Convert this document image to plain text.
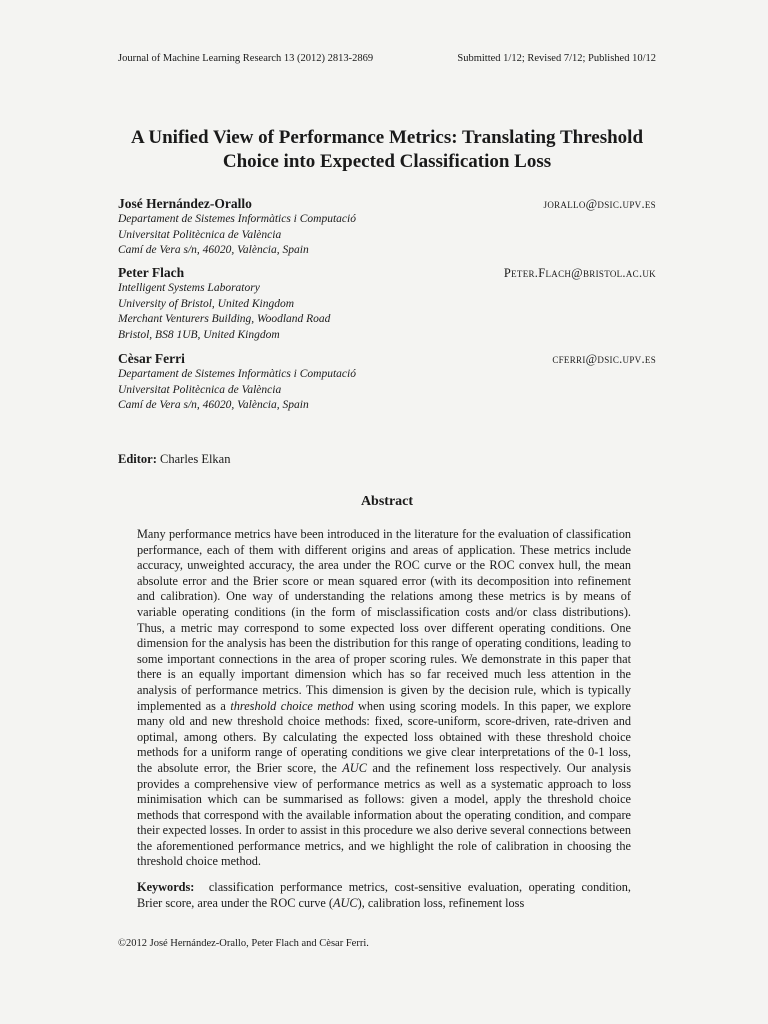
Journal of Machine Learning Research 13 (2012) 2813-2869	Submitted 1/12; Revised 7/12; Published 10/12
A Unified View of Performance Metrics: Translating Threshold
Choice into Expected Classification Loss
José Hernández-Orallo	jorallo@dsic.upv.es
Departament de Sistemes Informàtics i Computació
Universitat Politècnica de València
Camí de Vera s/n, 46020, València, Spain
Peter Flach	Peter.Flach@bristol.ac.uk
Intelligent Systems Laboratory
University of Bristol, United Kingdom
Merchant Venturers Building, Woodland Road
Bristol, BS8 1UB, United Kingdom
Cèsar Ferri	cferri@dsic.upv.es
Departament de Sistemes Informàtics i Computació
Universitat Politècnica de València
Camí de Vera s/n, 46020, València, Spain
Editor: Charles Elkan
Abstract
Many performance metrics have been introduced in the literature for the evaluation of classification performance, each of them with different origins and areas of application. These metrics include accuracy, unweighted accuracy, the area under the ROC curve or the ROC convex hull, the mean absolute error and the Brier score or mean squared error (with its decomposition into refinement and calibration). One way of understanding the relations among these metrics is by means of variable operating conditions (in the form of misclassification costs and/or class distributions). Thus, a metric may correspond to some expected loss over different operating conditions. One dimension for the analysis has been the distribution for this range of operating conditions, leading to some important connections in the area of proper scoring rules. We demonstrate in this paper that there is an equally important dimension which has so far received much less attention in the analysis of performance metrics. This dimension is given by the decision rule, which is typically implemented as a threshold choice method when using scoring models. In this paper, we explore many old and new threshold choice methods: fixed, score-uniform, score-driven, rate-driven and optimal, among others. By calculating the expected loss obtained with these threshold choice methods for a uniform range of operating conditions we give clear interpretations of the 0-1 loss, the absolute error, the Brier score, the AUC and the refinement loss respectively. Our analysis provides a comprehensive view of performance metrics as well as a systematic approach to loss minimisation which can be summarised as follows: given a model, apply the threshold choice methods that correspond with the available information about the operating condition, and compare their expected losses. In order to assist in this procedure we also derive several connections between the aforementioned performance metrics, and we highlight the role of calibration in choosing the threshold choice method.
Keywords: classification performance metrics, cost-sensitive evaluation, operating condition, Brier score, area under the ROC curve (AUC), calibration loss, refinement loss
©2012 José Hernández-Orallo, Peter Flach and Cèsar Ferri.
